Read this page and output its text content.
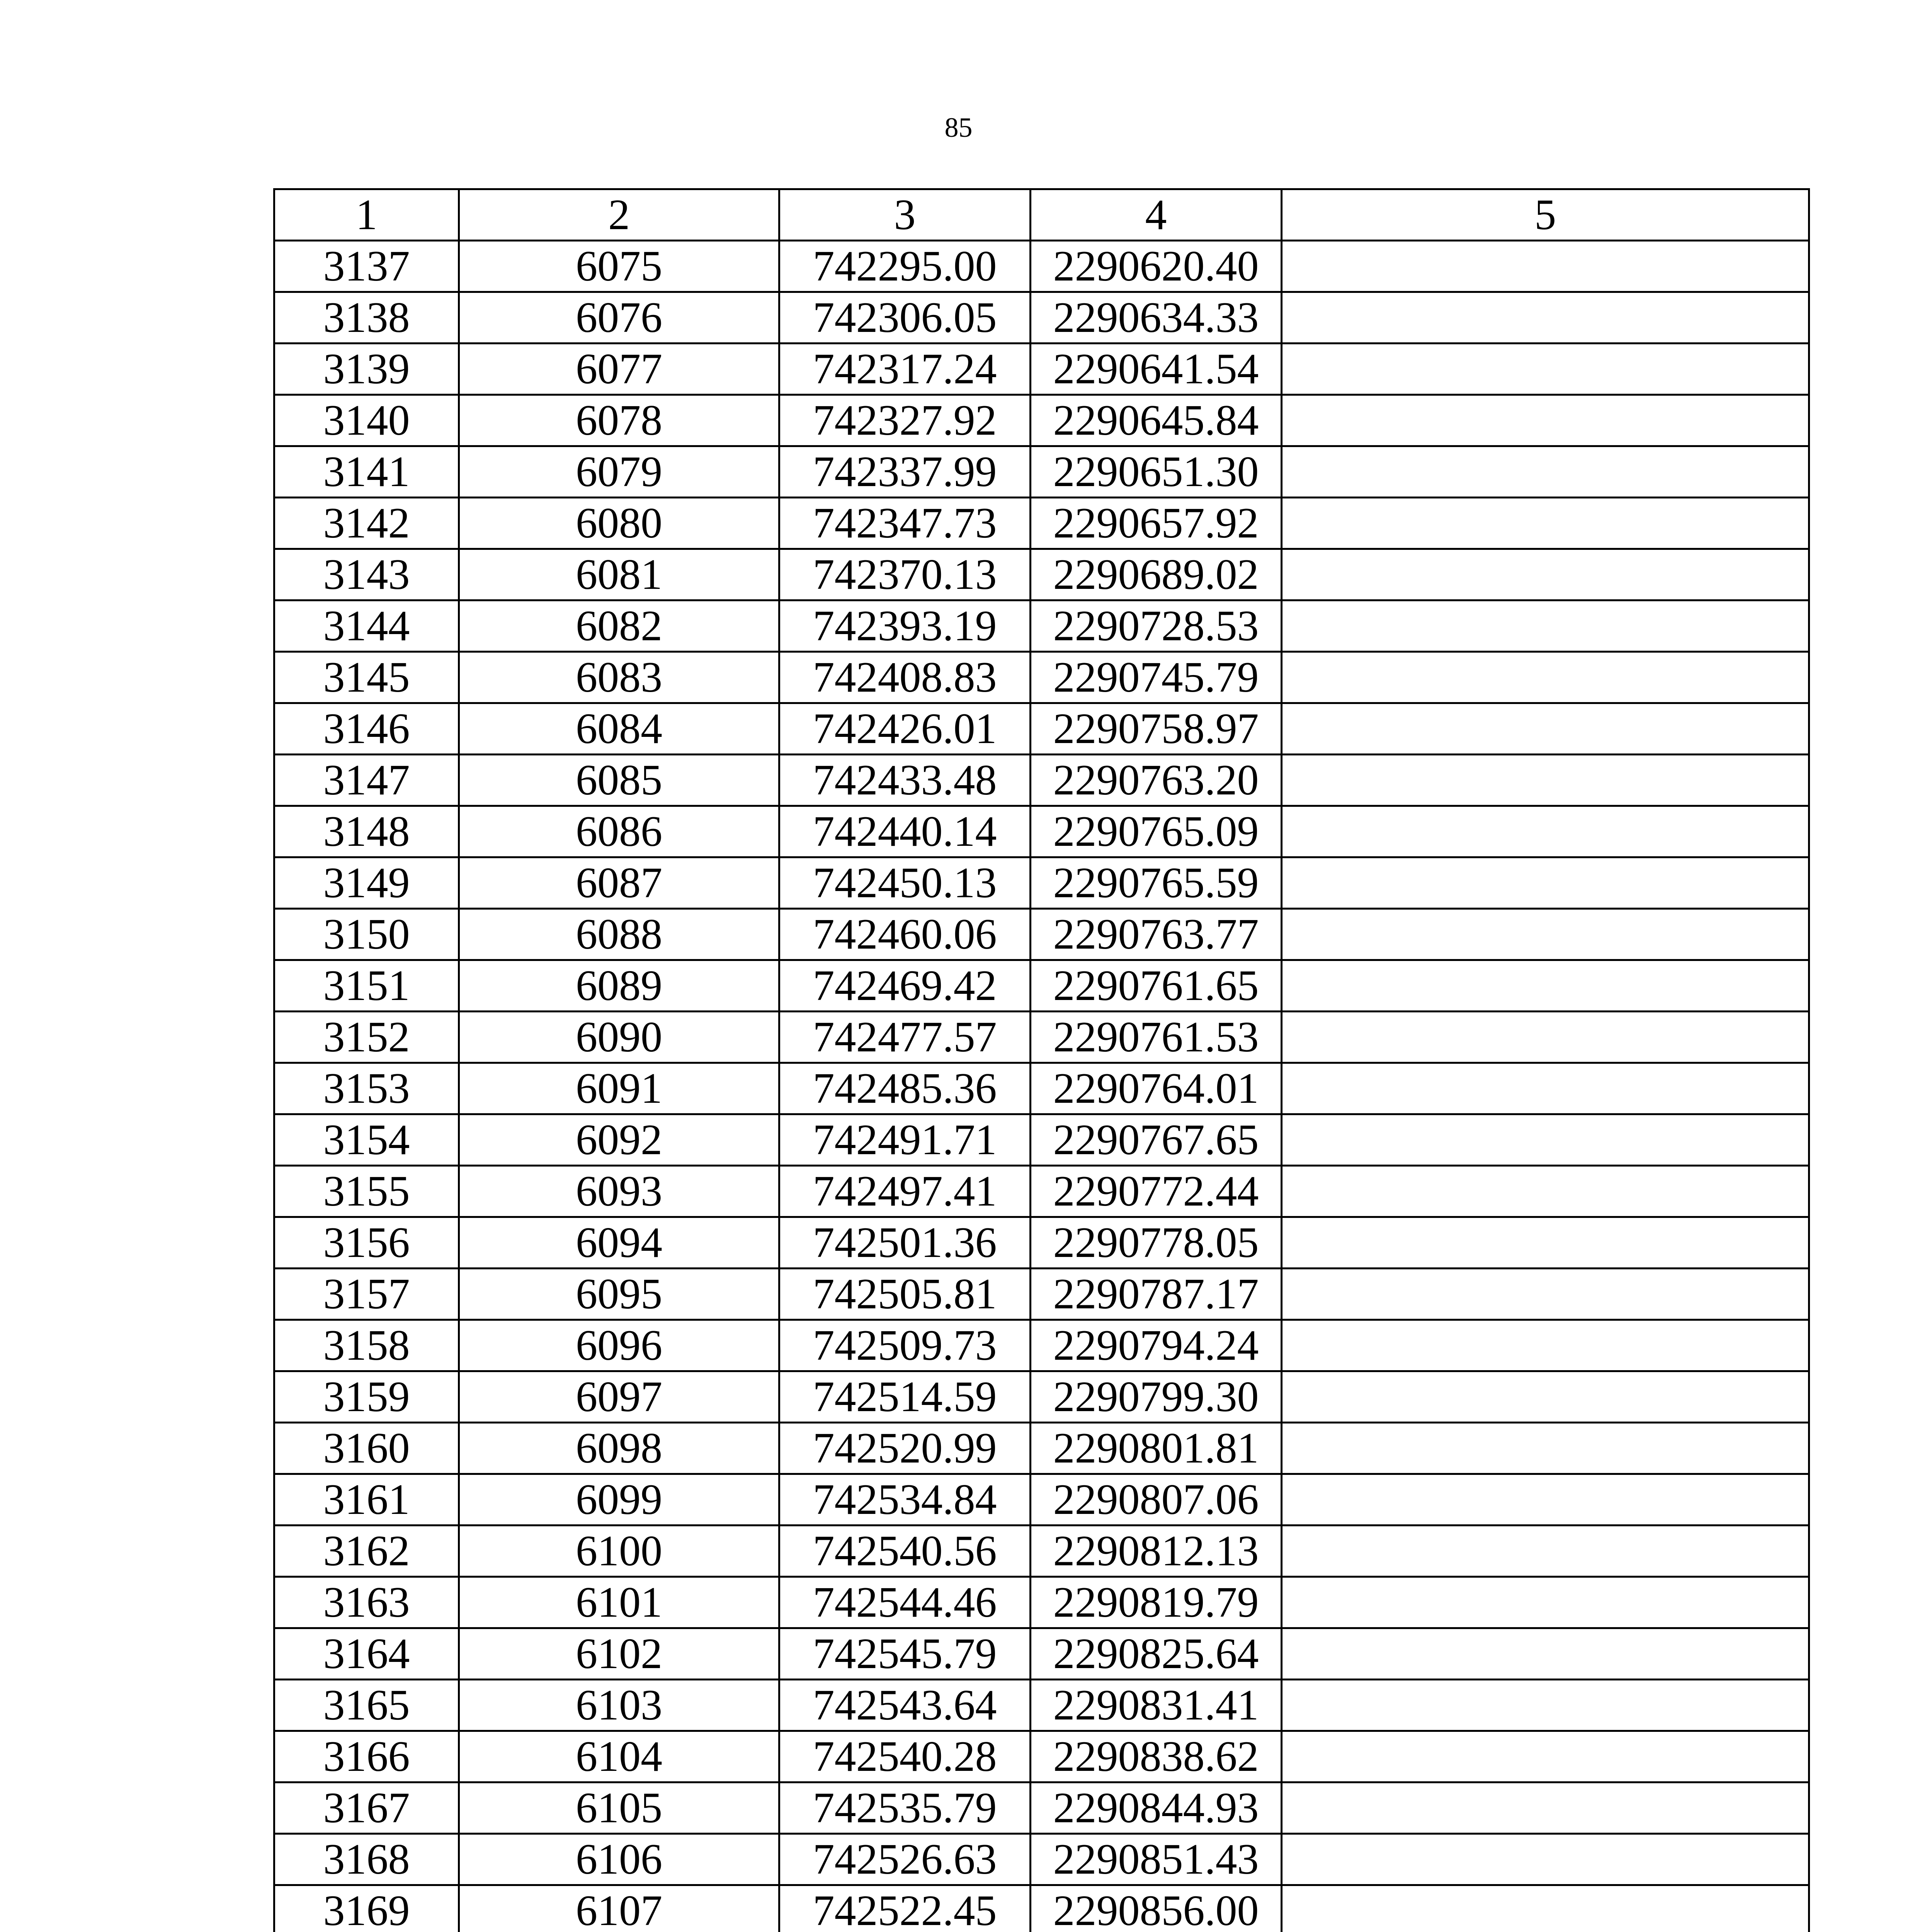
85
1	2	3	4	5
3137	6075	742295.00	2290620.40	
3138	6076	742306.05	2290634.33	
3139	6077	742317.24	2290641.54	
3140	6078	742327.92	2290645.84	
3141	6079	742337.99	2290651.30	
3142	6080	742347.73	2290657.92	
3143	6081	742370.13	2290689.02	
3144	6082	742393.19	2290728.53	
3145	6083	742408.83	2290745.79	
3146	6084	742426.01	2290758.97	
3147	6085	742433.48	2290763.20	
3148	6086	742440.14	2290765.09	
3149	6087	742450.13	2290765.59	
3150	6088	742460.06	2290763.77	
3151	6089	742469.42	2290761.65	
3152	6090	742477.57	2290761.53	
3153	6091	742485.36	2290764.01	
3154	6092	742491.71	2290767.65	
3155	6093	742497.41	2290772.44	
3156	6094	742501.36	2290778.05	
3157	6095	742505.81	2290787.17	
3158	6096	742509.73	2290794.24	
3159	6097	742514.59	2290799.30	
3160	6098	742520.99	2290801.81	
3161	6099	742534.84	2290807.06	
3162	6100	742540.56	2290812.13	
3163	6101	742544.46	2290819.79	
3164	6102	742545.79	2290825.64	
3165	6103	742543.64	2290831.41	
3166	6104	742540.28	2290838.62	
3167	6105	742535.79	2290844.93	
3168	6106	742526.63	2290851.43	
3169	6107	742522.45	2290856.00	
